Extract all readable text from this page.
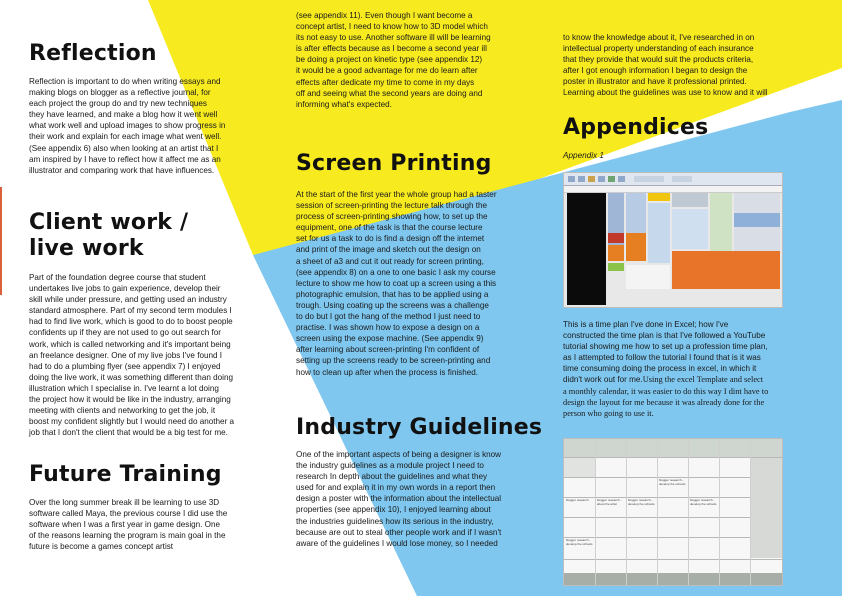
Reflection

Reflection is important to do when writing essays and

making blogs on blogger as a reflective journal, for

each project the group do and try new techniques

they have learned, and make a blog how it went well

what work well and upload images to show progress in

their work and explain for each image what went well.

(See appendix 6) also when looking at an artist that I

am inspired by I have to reflect how it affect me as an

illustrator and comparing work that have influences.

Client work /
live work

Part of the foundation degree course that student

undertakes live jobs to gain experience, develop their

skill while under pressure, and getting used an industry

standard atmosphere. Part of my second term modules I

had to find live work, which is good to do to boost people

confidents up if they are not used to go out search for

work, which is called networking and it's important being

an freelance designer. One of my live jobs I've found I

had to do a plumbing flyer (see appendix 7) I enjoyed

doing the live work, it was something different than doing

illustration which I specialise in. I've learnt a lot doing

the project how it would be like in the industry, arranging

meeting with clients and networking to get the job, it

boost my confident slightly but I would need do another a

job that I don't the client that would be a big test for me.

Future Training

Over the long summer break ill be learning to use 3D

software called Maya, the previous course I did use the

software when I was a first year in game design. One

of the reasons learning the program is main goal in the

future is become a games concept artist

(see appendix 11). Even though I want become a

concept artist, I need to know how to 3D model which

its not easy to use. Another software ill will be learning

is after effects because as I become a second year ill

be doing a project on kinetic type (see appendix 12)

it would be a good advantage for me do learn after

effects after dedicate my time to come in my days

off and seeing what the second years are doing and

informing what's expected.

Screen Printing

At the start of the first year the whole group had a taster

session of screen-printing the lecture talk through the

process of screen-printing showing how, to set up the

equipment, one of the task is that the course lecture

set for us a task to do is find a design off the internet

and print of the image and sketch out the design on

a sheet of a3 and cut it out ready for screen printing,

(see appendix 8) on a one to one basic I ask my course

lecture to show me how to coat up a screen using a this

photographic emulsion, that has to be applied using a

trough. Using coating up the screens was a challenge

to do but I got the hang of the method I just need to

practise. I was shown how to expose a design on a

screen using the expose machine. (See appendix 9)

after learning about screen-printing I'm confident of

setting up the screens ready to be screen-printing and

how to clean up after when the process is finished.

Industry Guidelines

One of the important aspects of being a designer is know

the industry guidelines as a module project I need to

research In depth about the guidelines and what they

used for and explain it in my own words in a report then

design a poster with the information about the intellectual

properties (see appendix 10), I enjoyed learning about

the industries guidelines how its serious in the industry,

because are out to steal other people work and if I wasn't

aware of the guidelines I would lose money, so I needed

to know the knowledge about it, I've researched in on

intellectual property understanding of each insurance

that they provide that would suit the products criteria,

after I got enough information I began to design the

poster in illustrator and have it professional printed.

Learning about the guidelines was use to know and it will

Appendices

Appendix 1

This is a time plan I've done in Excel; how I've

constructed the time plan is that I've followed a YouTube

tutorial showing me how to set up a profession time plan,

as I attempted to follow the tutorial I found that is it was

time consuming doing the process in excel, in which it

didn't work out for me.Using the excel Template and select

a monthly calendar, it was easier to do this way I dint have to

design the layout for me because it was already done for the

person who going to use it.

blogger research	blogger research - about the artist
blogger research - develop the schools
blogger research - develop the schools
blogger research - develop the schools
blogger research - develop the schools
